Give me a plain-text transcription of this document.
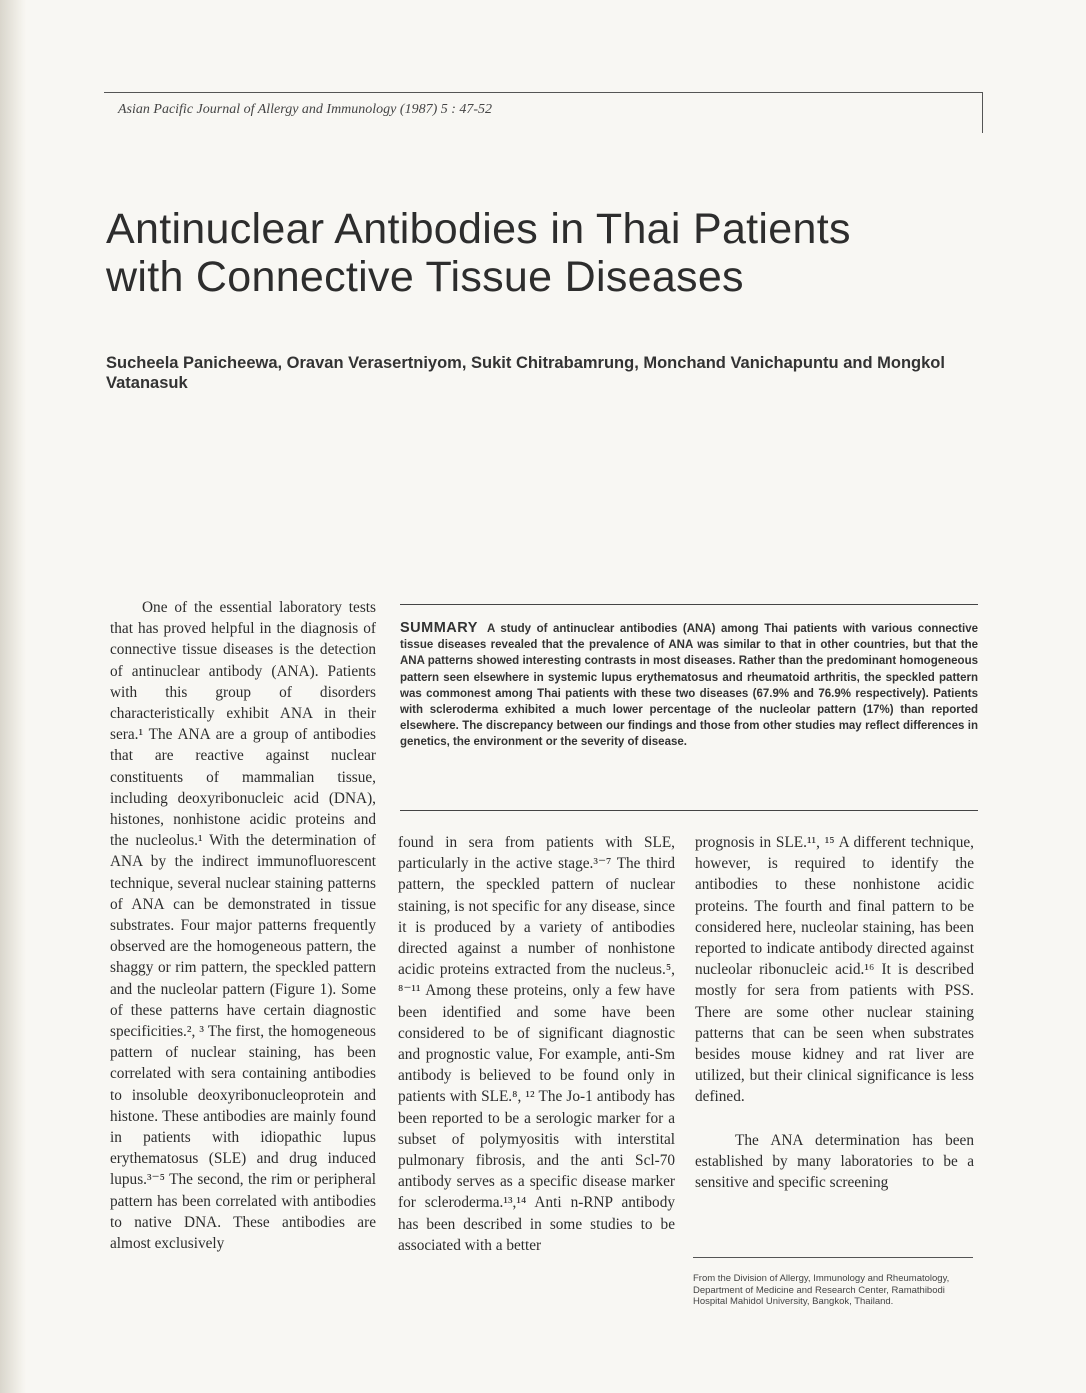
Asian Pacific Journal of Allergy and Immunology (1987) 5 : 47-52
Antinuclear Antibodies in Thai Patients
with Connective Tissue Diseases
Sucheela Panicheewa, Oravan Verasertniyom, Sukit Chitrabamrung, Monchand Vanichapuntu and Mongkol Vatanasuk
SUMMARY A study of antinuclear antibodies (ANA) among Thai patients with various connective tissue diseases revealed that the prevalence of ANA was similar to that in other countries, but that the ANA patterns showed interesting contrasts in most diseases. Rather than the predominant homogeneous pattern seen elsewhere in systemic lupus erythematosus and rheumatoid arthritis, the speckled pattern was commonest among Thai patients with these two diseases (67.9% and 76.9% respectively). Patients with scleroderma exhibited a much lower percentage of the nucleolar pattern (17%) than reported elsewhere. The discrepancy between our findings and those from other studies may reflect differences in genetics, the environment or the severity of disease.

One of the essential laboratory tests that has proved helpful in the diagnosis of connective tissue diseases is the detection of antinuclear antibody (ANA). Patients with this group of disorders characteristically exhibit ANA in their sera.¹ The ANA are a group of antibodies that are reactive against nuclear constituents of mammalian tissue, including deoxyribonucleic acid (DNA), histones, nonhistone acidic proteins and the nucleolus.¹ With the determination of ANA by the indirect immunofluorescent technique, several nuclear staining patterns of ANA can be demonstrated in tissue substrates. Four major patterns frequently observed are the homogeneous pattern, the shaggy or rim pattern, the speckled pattern and the nucleolar pattern (Figure 1). Some of these patterns have certain diagnostic specificities.², ³ The first, the homogeneous pattern of nuclear staining, has been correlated with sera containing antibodies to insoluble deoxyribonucleoprotein and histone. These antibodies are mainly found in patients with idiopathic lupus erythematosus (SLE) and drug induced lupus.³⁻⁵ The second, the rim or peripheral pattern has been correlated with antibodies to native DNA. These antibodies are almost exclusively

found in sera from patients with SLE, particularly in the active stage.³⁻⁷ The third pattern, the speckled pattern of nuclear staining, is not specific for any disease, since it is produced by a variety of antibodies directed against a number of nonhistone acidic proteins extracted from the nucleus.⁵, ⁸⁻¹¹ Among these proteins, only a few have been identified and some have been considered to be of significant diagnostic and prognostic value, For example, anti-Sm antibody is believed to be found only in patients with SLE.⁸, ¹² The Jo-1 antibody has been reported to be a serologic marker for a subset of polymyositis with interstital pulmonary fibrosis, and the anti Scl-70 antibody serves as a specific disease marker for scleroderma.¹³,¹⁴ Anti n-RNP antibody has been described in some studies to be associated with a better

prognosis in SLE.¹¹, ¹⁵ A different technique, however, is required to identify the antibodies to these nonhistone acidic proteins. The fourth and final pattern to be considered here, nucleolar staining, has been reported to indicate antibody directed against nucleolar ribonucleic acid.¹⁶ It is described mostly for sera from patients with PSS. There are some other nuclear staining patterns that can be seen when substrates besides mouse kidney and rat liver are utilized, but their clinical significance is less defined.

The ANA determination has been established by many laboratories to be a sensitive and specific screening

From the Division of Allergy, Immunology and Rheumatology, Department of Medicine and Research Center, Ramathibodi Hospital Mahidol University, Bangkok, Thailand.
